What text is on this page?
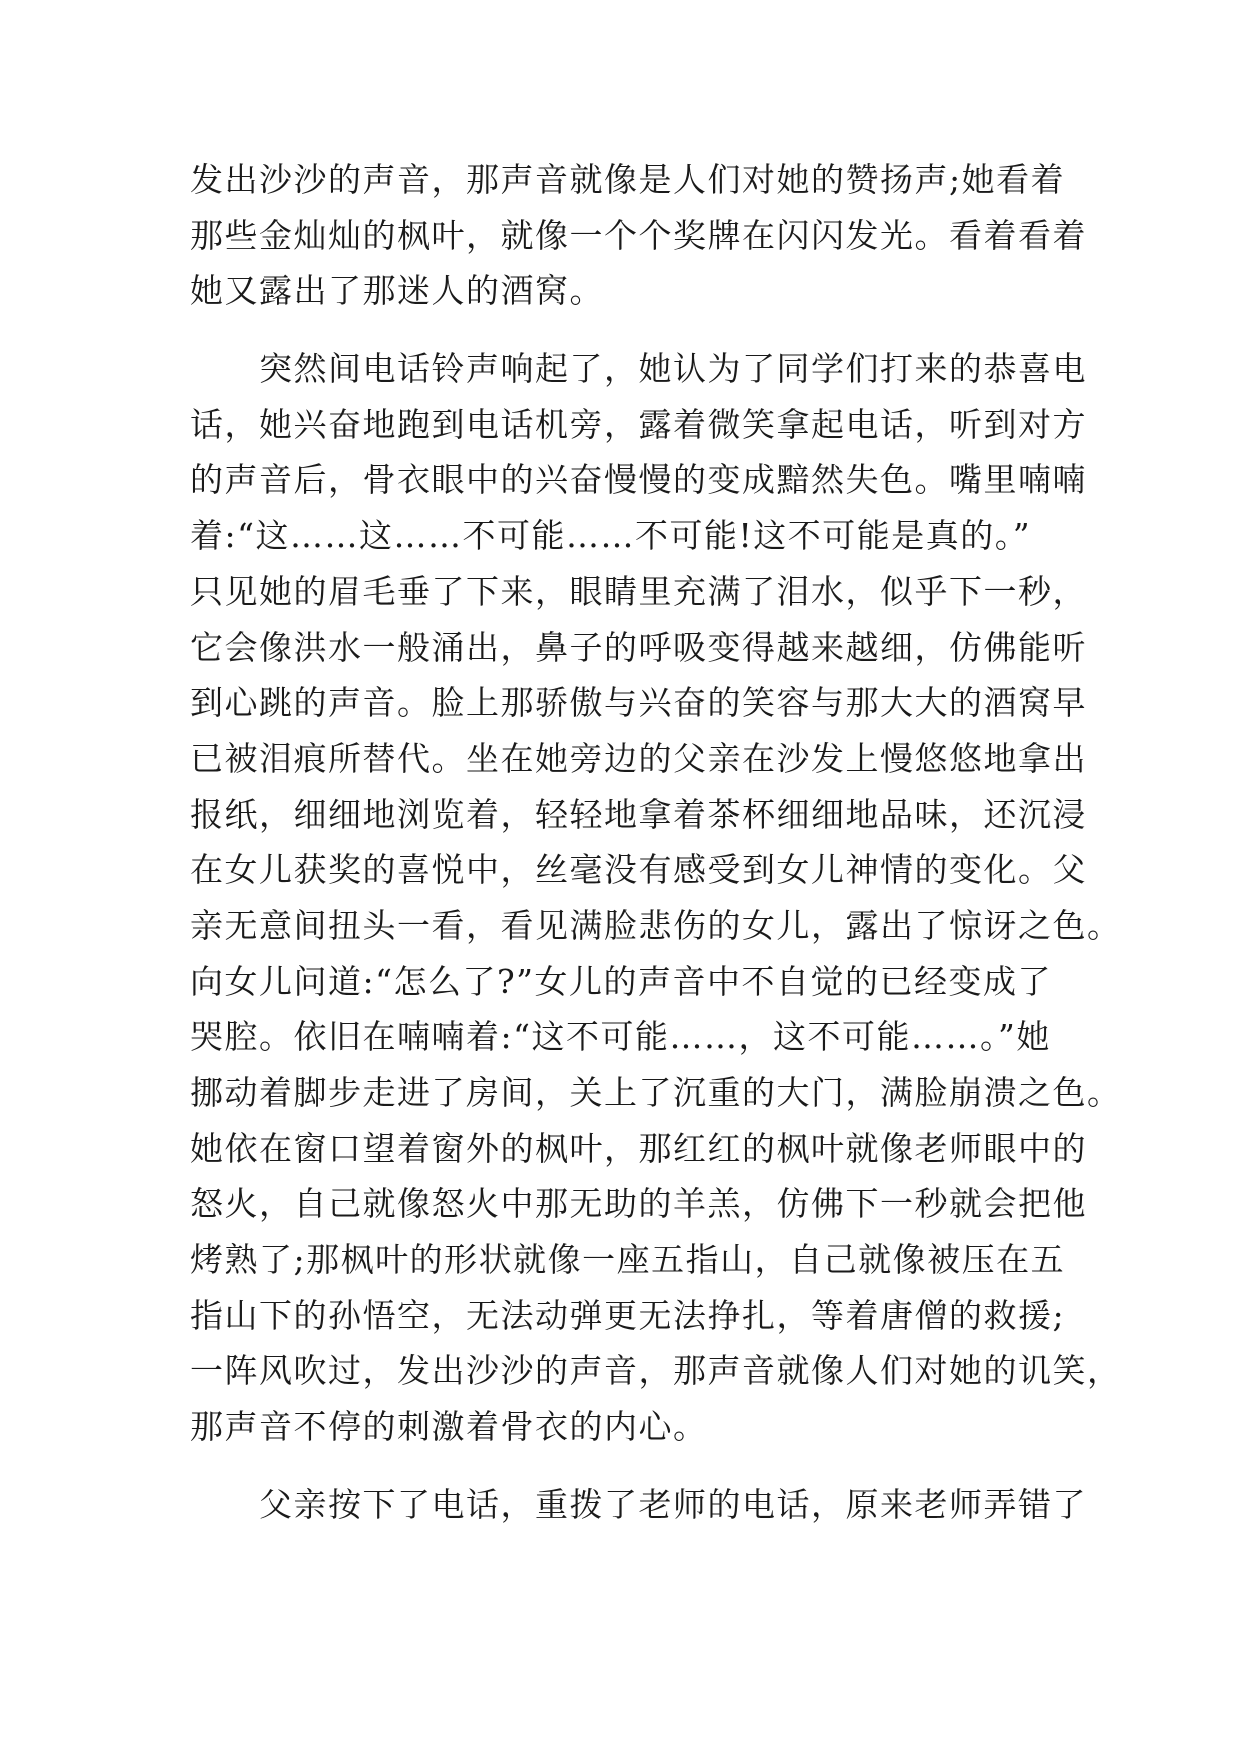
发出沙沙的声音，那声音就像是人们对她的赞扬声;她看着
那些金灿灿的枫叶，就像一个个奖牌在闪闪发光。看着看着
她又露出了那迷人的酒窝。
　　突然间电话铃声响起了，她认为了同学们打来的恭喜电
话，她兴奋地跑到电话机旁，露着微笑拿起电话，听到对方
的声音后，骨衣眼中的兴奋慢慢的变成黯然失色。嘴里喃喃
着:“这……这……不可能……不可能!这不可能是真的。”
只见她的眉毛垂了下来，眼睛里充满了泪水，似乎下一秒，
它会像洪水一般涌出，鼻子的呼吸变得越来越细，仿佛能听
到心跳的声音。脸上那骄傲与兴奋的笑容与那大大的酒窝早
已被泪痕所替代。坐在她旁边的父亲在沙发上慢悠悠地拿出
报纸，细细地浏览着，轻轻地拿着茶杯细细地品味，还沉浸
在女儿获奖的喜悦中，丝毫没有感受到女儿神情的变化。父
亲无意间扭头一看，看见满脸悲伤的女儿，露出了惊讶之色。
向女儿问道:“怎么了?”女儿的声音中不自觉的已经变成了
哭腔。依旧在喃喃着:“这不可能……，这不可能……。”她
挪动着脚步走进了房间，关上了沉重的大门，满脸崩溃之色。
她依在窗口望着窗外的枫叶，那红红的枫叶就像老师眼中的
怒火，自己就像怒火中那无助的羊羔，仿佛下一秒就会把他
烤熟了;那枫叶的形状就像一座五指山，自己就像被压在五
指山下的孙悟空，无法动弹更无法挣扎，等着唐僧的救援;
一阵风吹过，发出沙沙的声音，那声音就像人们对她的讥笑，
那声音不停的刺激着骨衣的内心。
　　父亲按下了电话，重拨了老师的电话，原来老师弄错了
